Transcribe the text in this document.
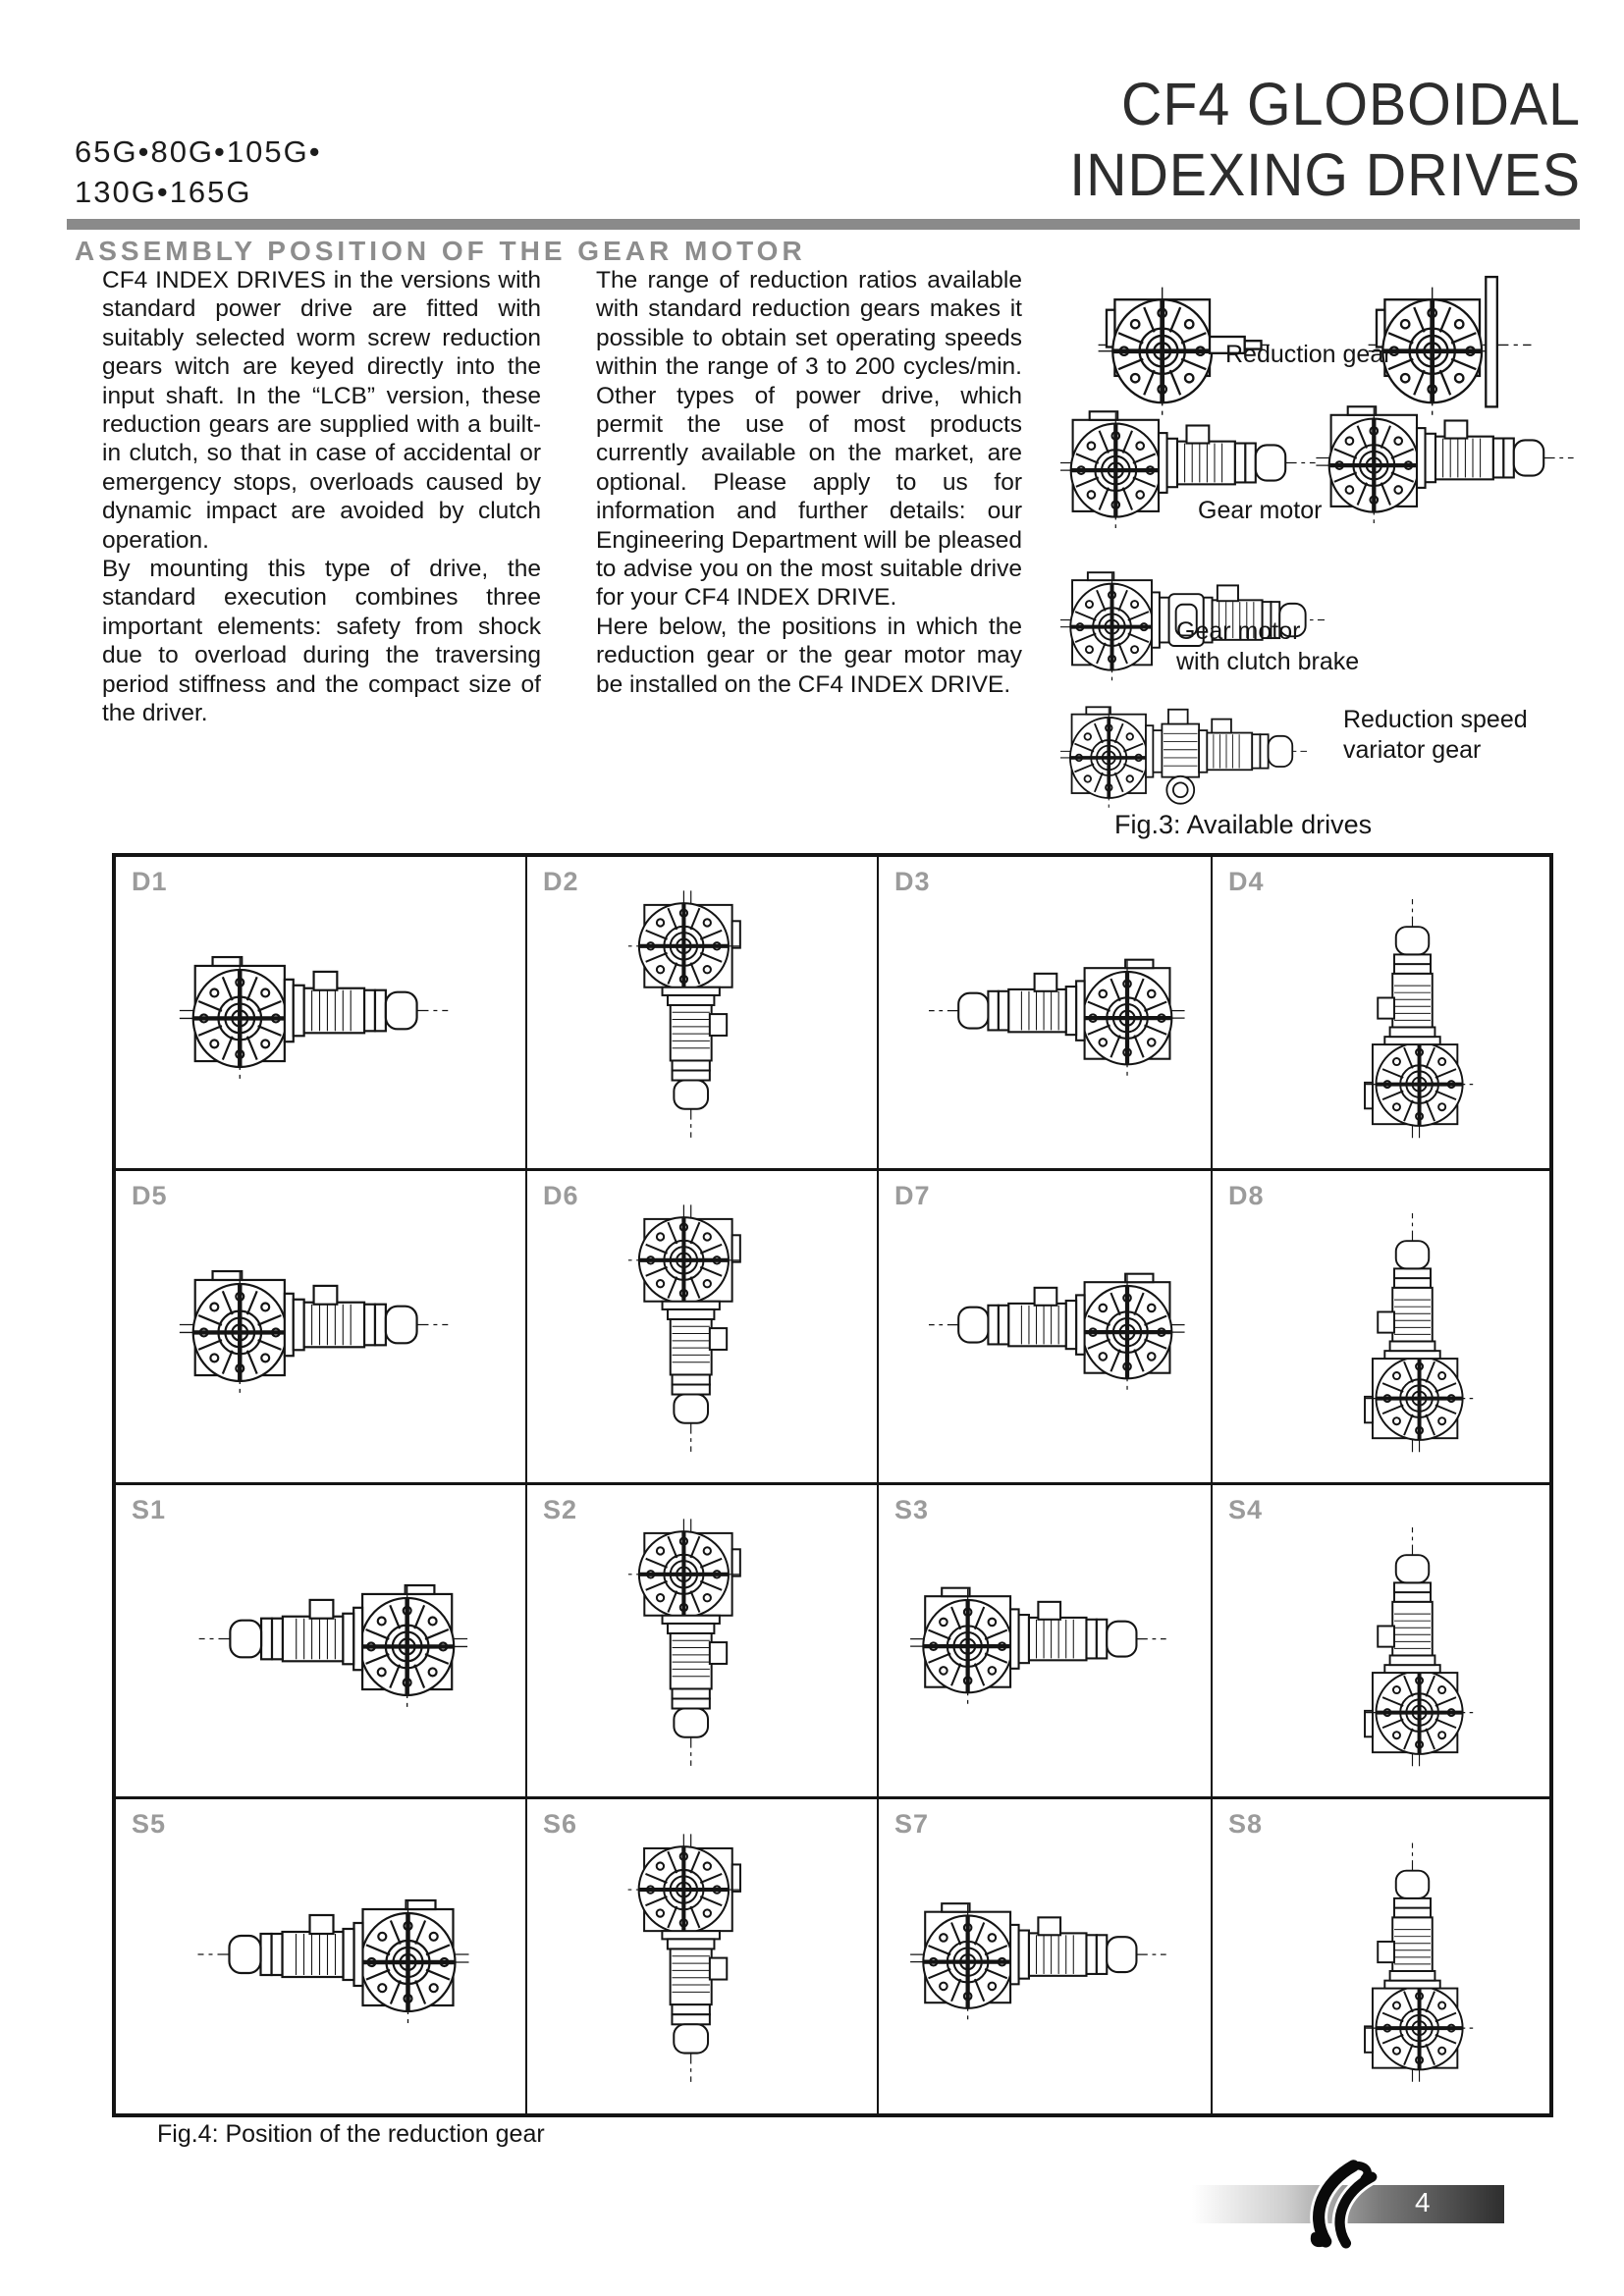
65G•80G•105G•
130G•165G
CF4 GLOBOIDAL
INDEXING DRIVES
ASSEMBLY POSITION OF THE GEAR MOTOR

CF4 INDEX DRIVES in the versions with standard power drive are fitted with suitably selected worm screw reduction gears witch are keyed directly into the input shaft. In the “LCB” version, these reduction gears are supplied with a built-in clutch, so that in case of accidental or emergency stops, overloads caused by dynamic impact are avoided by clutch operation.

By mounting this type of drive, the standard execution combines three important elements: safety from shock due to overload during the traversing period stiffness and the compact size of the driver.

The range of reduction ratios available with standard reduction gears makes it possible to obtain set operating speeds within the range of 3 to 200 cycles/min. Other types of power drive, which permit the use of most products currently available on the market, are optional. Please apply to us for information and further details: our Engineering Department will be pleased to advise you on the most suitable drive for your CF4 INDEX DRIVE.

Here below, the positions in which the reduction gear or the gear motor may be installed on the CF4 INDEX DRIVE.

Reduction gear
Gear motor
Gear motor
with clutch brake
Reduction speed
variator gear
Fig.3: Available drives
D1	D2	D3	D4
D5	D6	D7	D8
S1	S2	S3	S4
S5	S6	S7	S8
Fig.4: Position of the reduction gear
4
